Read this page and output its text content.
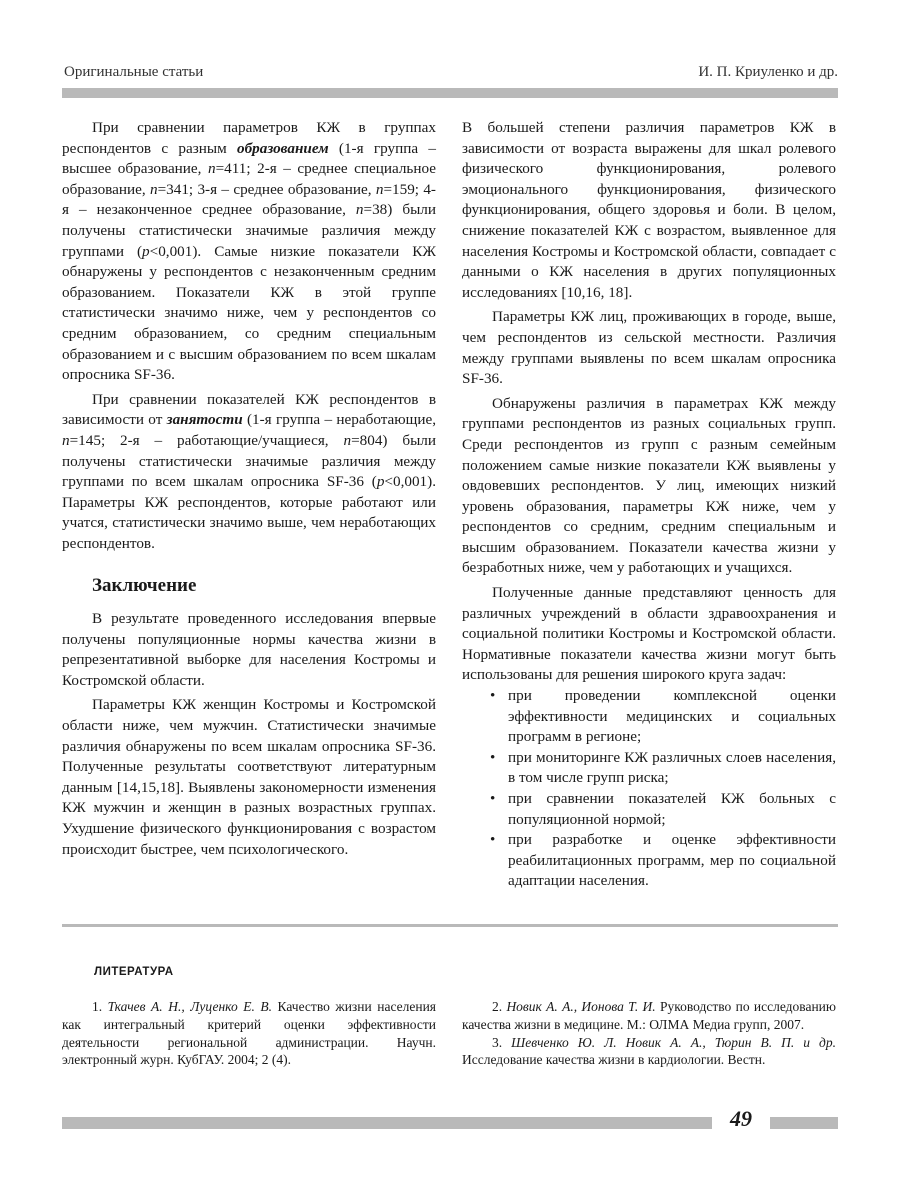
Оригинальные статьи	И. П. Криуленко и др.

При сравнении параметров КЖ в группах респондентов с разным образованием (1-я группа – высшее образование, n=411; 2-я – среднее специальное образование, n=341; 3-я – среднее образование, n=159; 4-я – незаконченное среднее образование, n=38) были получены статистически значимые различия между группами (p<0,001). Самые низкие показатели КЖ обнаружены у респондентов с незаконченным средним образованием. Показатели КЖ в этой группе статистически значимо ниже, чем у респондентов со средним образованием, со средним специальным образованием и с высшим образованием по всем шкалам опросника SF-36.

При сравнении показателей КЖ респондентов в зависимости от занятости (1-я группа – неработающие, n=145; 2-я – работающие/учащиеся, n=804) были получены статистически значимые различия между группами по всем шкалам опросника SF-36 (p<0,001). Параметры КЖ респондентов, которые работают или учатся, статистически значимо выше, чем неработающих респондентов.

Заключение

В результате проведенного исследования впервые получены популяционные нормы качества жизни в репрезентативной выборке для населения Костромы и Костромской области.

Параметры КЖ женщин Костромы и Костромской области ниже, чем мужчин. Статистически значимые различия обнаружены по всем шкалам опросника SF-36. Полученные результаты соответствуют литературным данным [14,15,18]. Выявлены закономерности изменения КЖ мужчин и женщин в разных возрастных группах. Ухудшение физического функционирования с возрастом происходит быстрее, чем психологического.

В большей степени различия параметров КЖ в зависимости от возраста выражены для шкал ролевого физического функционирования, ролевого эмоционального функционирования, физического функционирования, общего здоровья и боли. В целом, снижение показателей КЖ с возрастом, выявленное для населения Костромы и Костромской области, совпадает с данными о КЖ населения в других популяционных исследованиях [10,16, 18].

Параметры КЖ лиц, проживающих в городе, выше, чем респондентов из сельской местности. Различия между группами выявлены по всем шкалам опросника SF-36.

Обнаружены различия в параметрах КЖ между группами респондентов из разных социальных групп. Среди респондентов из групп с разным семейным положением самые низкие показатели КЖ выявлены у овдовевших респондентов. У лиц, имеющих низкий уровень образования, параметры КЖ ниже, чем у респондентов со средним, средним специальным и высшим образованием. Показатели качества жизни у безработных ниже, чем у работающих и учащихся.

Полученные данные представляют ценность для различных учреждений в области здравоохранения и социальной политики Костромы и Костромской области. Нормативные показатели качества жизни могут быть использованы для решения широкого круга задач:

• при проведении комплексной оценки эффективности медицинских и социальных программ в регионе;
• при мониторинге КЖ различных слоев населения, в том числе групп риска;
• при сравнении показателей КЖ больных с популяционной нормой;
• при разработке и оценке эффективности реабилитационных программ, мер по социальной адаптации населения.
ЛИТЕРАТУРА

1. Ткачев А. Н., Луценко Е. В. Качество жизни населения как интегральный критерий оценки эффективности деятельности региональной администрации. Научн. электронный журн. КубГАУ. 2004; 2 (4).

2. Новик А. А., Ионова Т. И. Руководство по исследованию качества жизни в медицине. М.: ОЛМА Медиа групп, 2007.

3. Шевченко Ю. Л. Новик А. А., Тюрин В. П. и др. Исследование качества жизни в кардиологии. Вестн.

49
